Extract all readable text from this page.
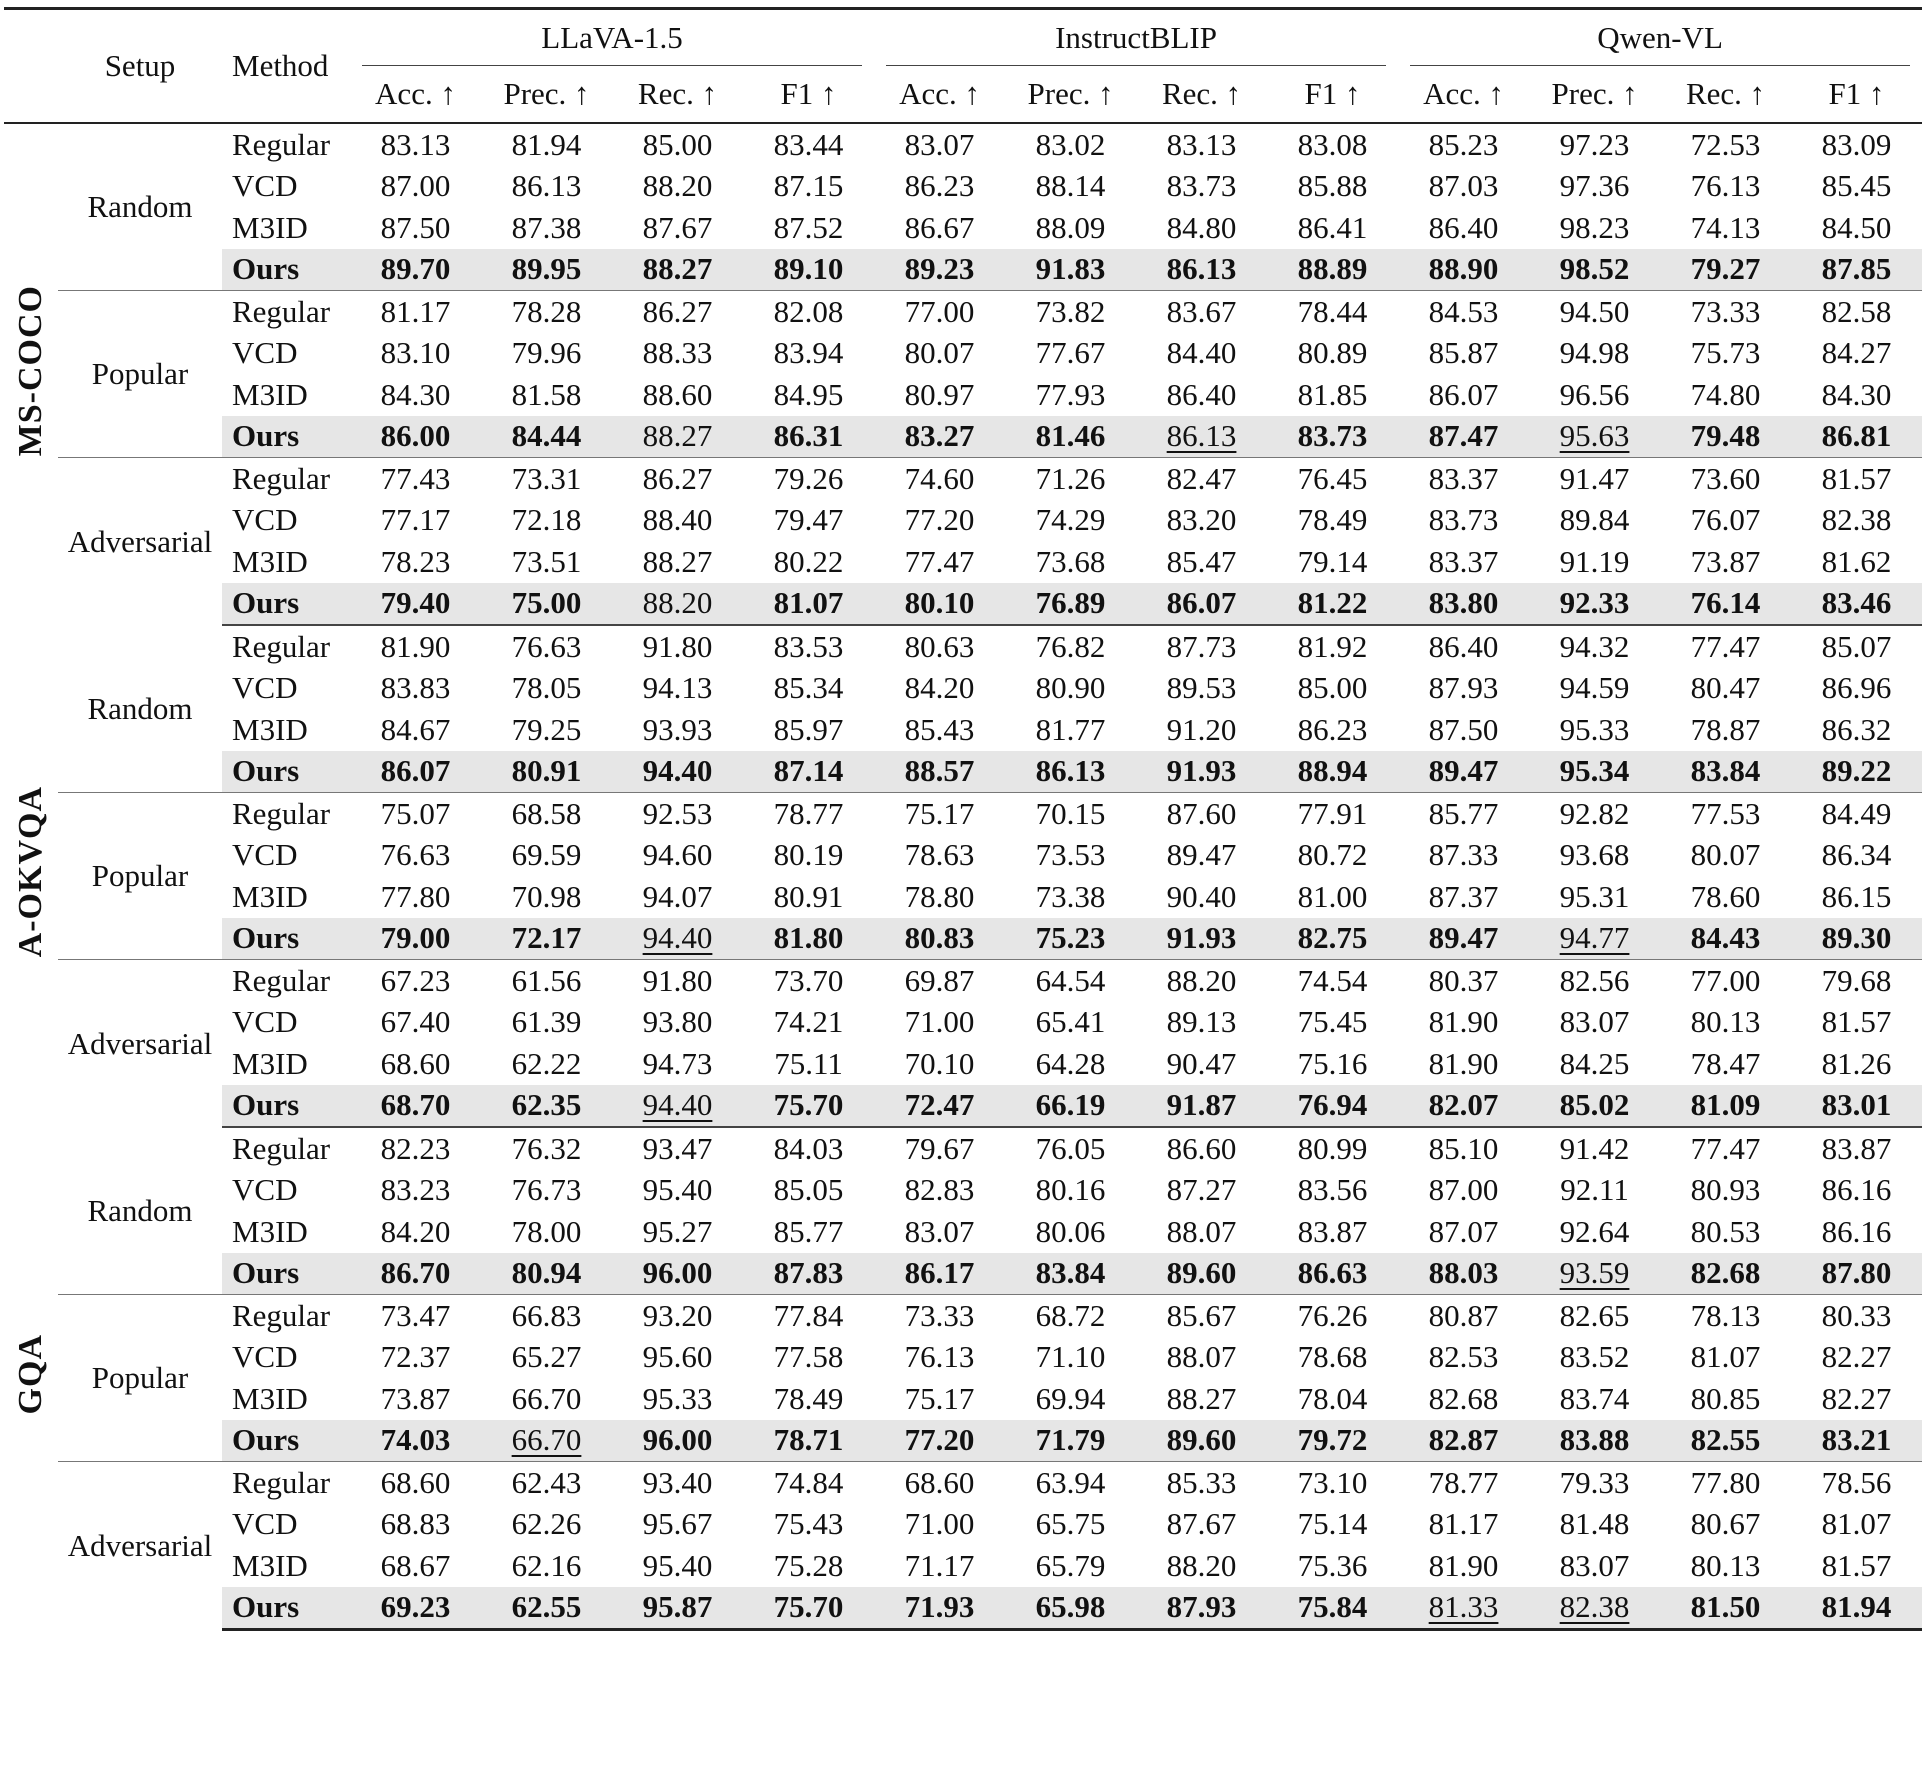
	Setup	Method	LLaVA-1.5				InstructBLIP				Qwen-VL			
			Acc. ↑	Prec. ↑	Rec. ↑	F1 ↑	Acc. ↑	Prec. ↑	Rec. ↑	F1 ↑	Acc. ↑	Prec. ↑	Rec. ↑	F1 ↑
MS-COCO	Random	Regular	83.13	81.94	85.00	83.44	83.07	83.02	83.13	83.08	85.23	97.23	72.53	83.09
		VCD	87.00	86.13	88.20	87.15	86.23	88.14	83.73	85.88	87.03	97.36	76.13	85.45
		M3ID	87.50	87.38	87.67	87.52	86.67	88.09	84.80	86.41	86.40	98.23	74.13	84.50
		Ours	89.70	89.95	88.27	89.10	89.23	91.83	86.13	88.89	88.90	98.52	79.27	87.85
	Popular	Regular	81.17	78.28	86.27	82.08	77.00	73.82	83.67	78.44	84.53	94.50	73.33	82.58
		VCD	83.10	79.96	88.33	83.94	80.07	77.67	84.40	80.89	85.87	94.98	75.73	84.27
		M3ID	84.30	81.58	88.60	84.95	80.97	77.93	86.40	81.85	86.07	96.56	74.80	84.30
		Ours	86.00	84.44	88.27	86.31	83.27	81.46	86.13	83.73	87.47	95.63	79.48	86.81
	Adversarial	Regular	77.43	73.31	86.27	79.26	74.60	71.26	82.47	76.45	83.37	91.47	73.60	81.57
		VCD	77.17	72.18	88.40	79.47	77.20	74.29	83.20	78.49	83.73	89.84	76.07	82.38
		M3ID	78.23	73.51	88.27	80.22	77.47	73.68	85.47	79.14	83.37	91.19	73.87	81.62
		Ours	79.40	75.00	88.20	81.07	80.10	76.89	86.07	81.22	83.80	92.33	76.14	83.46
A-OKVQA	Random	Regular	81.90	76.63	91.80	83.53	80.63	76.82	87.73	81.92	86.40	94.32	77.47	85.07
		VCD	83.83	78.05	94.13	85.34	84.20	80.90	89.53	85.00	87.93	94.59	80.47	86.96
		M3ID	84.67	79.25	93.93	85.97	85.43	81.77	91.20	86.23	87.50	95.33	78.87	86.32
		Ours	86.07	80.91	94.40	87.14	88.57	86.13	91.93	88.94	89.47	95.34	83.84	89.22
	Popular	Regular	75.07	68.58	92.53	78.77	75.17	70.15	87.60	77.91	85.77	92.82	77.53	84.49
		VCD	76.63	69.59	94.60	80.19	78.63	73.53	89.47	80.72	87.33	93.68	80.07	86.34
		M3ID	77.80	70.98	94.07	80.91	78.80	73.38	90.40	81.00	87.37	95.31	78.60	86.15
		Ours	79.00	72.17	94.40	81.80	80.83	75.23	91.93	82.75	89.47	94.77	84.43	89.30
	Adversarial	Regular	67.23	61.56	91.80	73.70	69.87	64.54	88.20	74.54	80.37	82.56	77.00	79.68
		VCD	67.40	61.39	93.80	74.21	71.00	65.41	89.13	75.45	81.90	83.07	80.13	81.57
		M3ID	68.60	62.22	94.73	75.11	70.10	64.28	90.47	75.16	81.90	84.25	78.47	81.26
		Ours	68.70	62.35	94.40	75.70	72.47	66.19	91.87	76.94	82.07	85.02	81.09	83.01
GQA	Random	Regular	82.23	76.32	93.47	84.03	79.67	76.05	86.60	80.99	85.10	91.42	77.47	83.87
		VCD	83.23	76.73	95.40	85.05	82.83	80.16	87.27	83.56	87.00	92.11	80.93	86.16
		M3ID	84.20	78.00	95.27	85.77	83.07	80.06	88.07	83.87	87.07	92.64	80.53	86.16
		Ours	86.70	80.94	96.00	87.83	86.17	83.84	89.60	86.63	88.03	93.59	82.68	87.80
	Popular	Regular	73.47	66.83	93.20	77.84	73.33	68.72	85.67	76.26	80.87	82.65	78.13	80.33
		VCD	72.37	65.27	95.60	77.58	76.13	71.10	88.07	78.68	82.53	83.52	81.07	82.27
		M3ID	73.87	66.70	95.33	78.49	75.17	69.94	88.27	78.04	82.68	83.74	80.85	82.27
		Ours	74.03	66.70	96.00	78.71	77.20	71.79	89.60	79.72	82.87	83.88	82.55	83.21
	Adversarial	Regular	68.60	62.43	93.40	74.84	68.60	63.94	85.33	73.10	78.77	79.33	77.80	78.56
		VCD	68.83	62.26	95.67	75.43	71.00	65.75	87.67	75.14	81.17	81.48	80.67	81.07
		M3ID	68.67	62.16	95.40	75.28	71.17	65.79	88.20	75.36	81.90	83.07	80.13	81.57
		Ours	69.23	62.55	95.87	75.70	71.93	65.98	87.93	75.84	81.33	82.38	81.50	81.94
